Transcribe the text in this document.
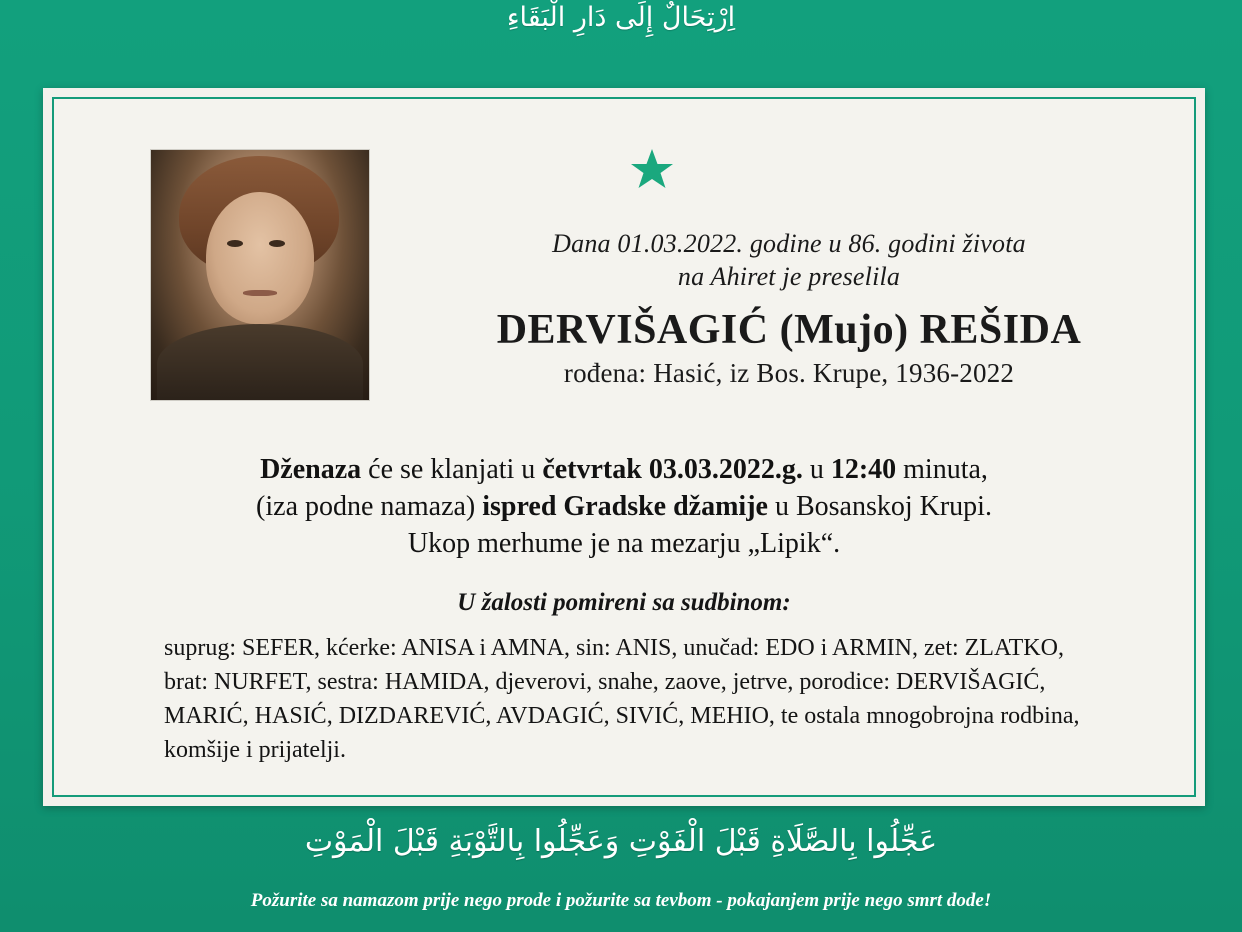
اِرْتِحَالٌ إِلَى دَارِ الْبَقَاءِ
Dana 01.03.2022. godine u 86. godini života
na Ahiret je preselila
DERVIŠAGIĆ (Mujo) REŠIDA
rođena: Hasić, iz Bos. Krupe, 1936-2022
Dženaza će se klanjati u četvrtak 03.03.2022.g. u 12:40 minuta,
(iza podne namaza) ispred Gradske džamije u Bosanskoj Krupi.
Ukop merhume je na mezarju „Lipik“.
U žalosti pomireni sa sudbinom:
suprug: SEFER, kćerke: ANISA i AMNA, sin: ANIS, unučad: EDO i ARMIN, zet: ZLATKO, brat: NURFET, sestra: HAMIDA, djeverovi, snahe, zaove, jetrve, porodice: DERVIŠAGIĆ, MARIĆ, HASIĆ, DIZDAREVIĆ, AVDAGIĆ, SIVIĆ, MEHIO, te ostala mnogobrojna rodbina, komšije i prijatelji.
عَجِّلُوا بِالصَّلَاةِ قَبْلَ الْفَوْتِ وَعَجِّلُوا بِالتَّوْبَةِ قَبْلَ الْمَوْتِ
Požurite sa namazom prije nego prode i požurite sa tevbom - pokajanjem prije nego smrt dode!
